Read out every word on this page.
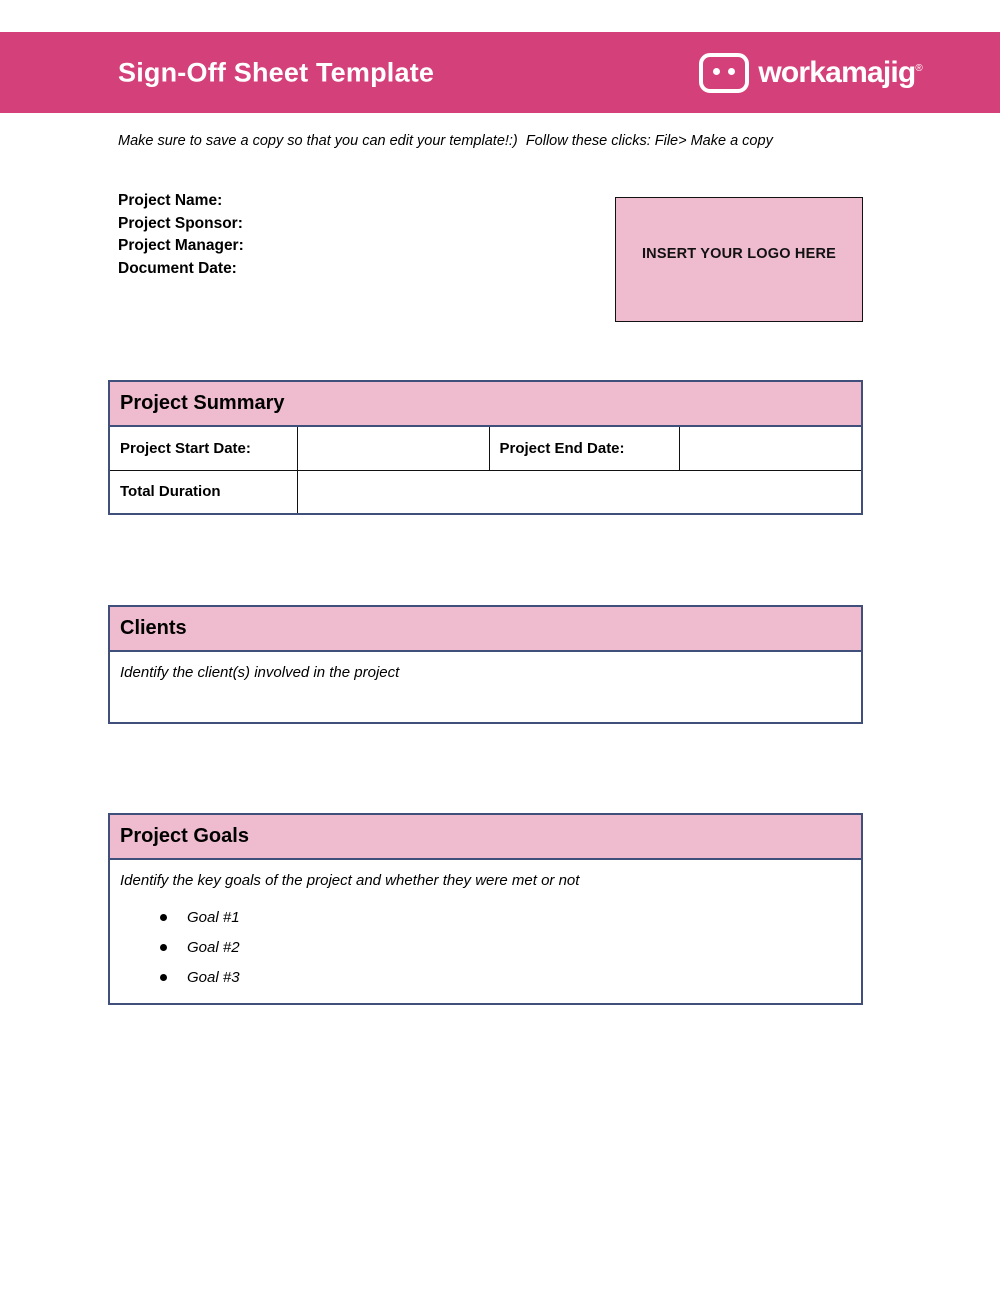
Sign-Off Sheet Template	workamajig®
Make sure to save a copy so that you can edit your template!:)  Follow these clicks: File> Make a copy
Project Name:
Project Sponsor:
Project Manager:
Document Date:
INSERT YOUR LOGO HERE
Project Summary
Project Start Date:		Project End Date:	
Total Duration			
Clients
Identify the client(s) involved in the project
Project Goals
Identify the key goals of the project and whether they were met or not
Goal #1
Goal #2
Goal #3
